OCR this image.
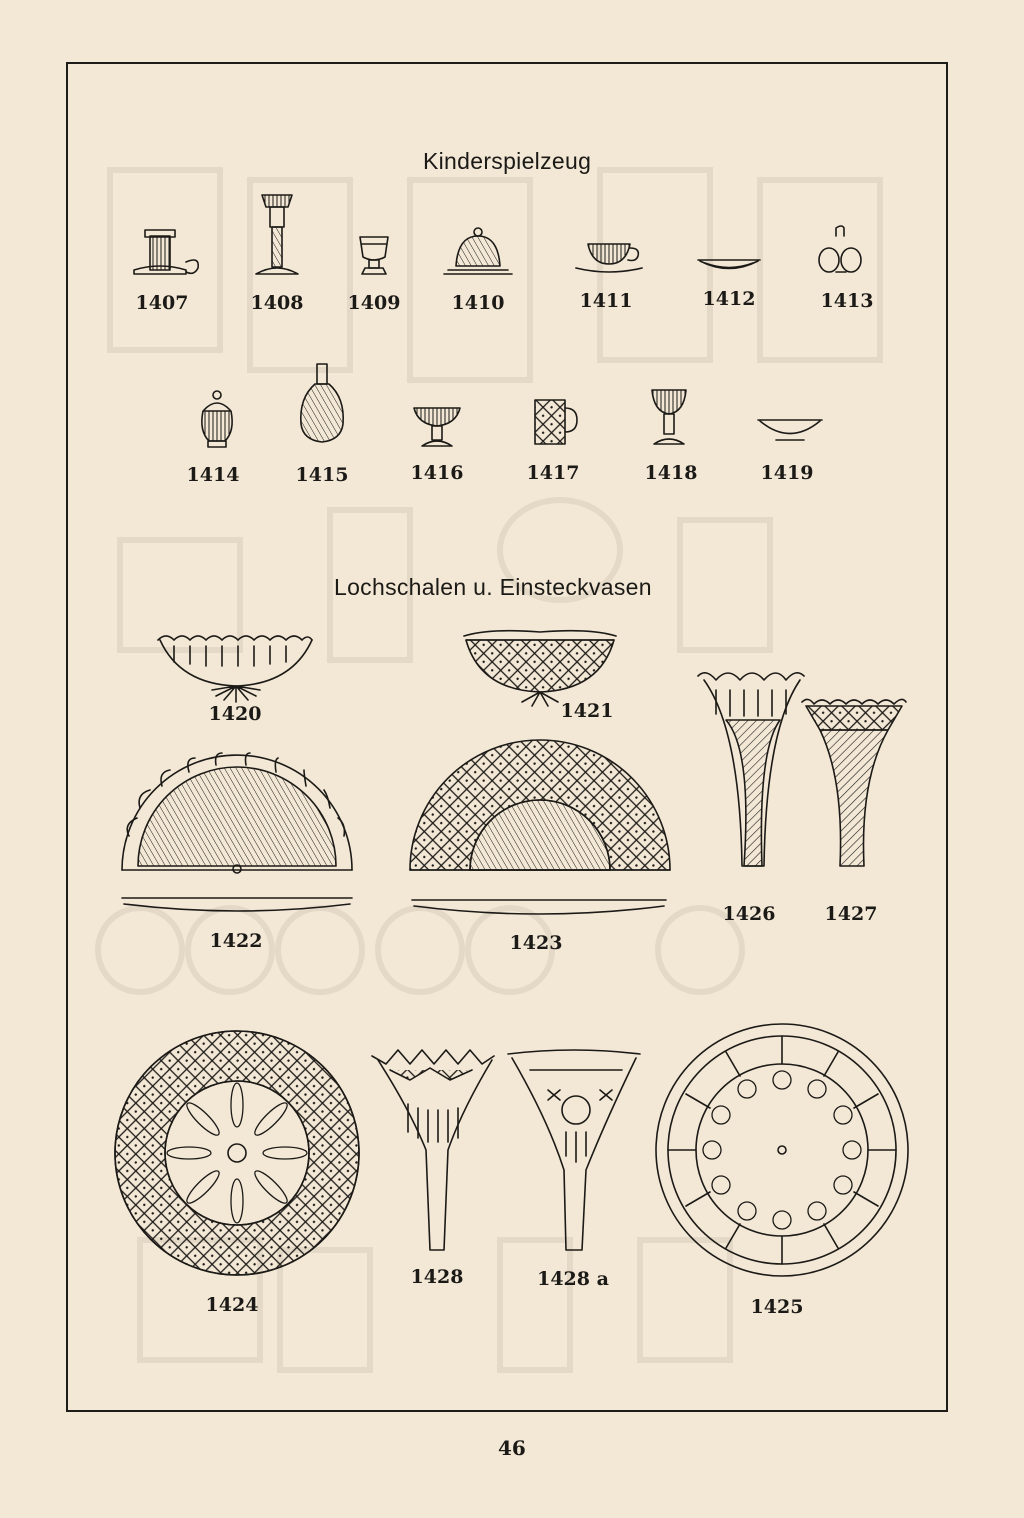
Kinderspielzeug
Lochschalen u. Einsteckvasen
1407	1408 1409	1410	1411	1412	1413
1414	1415	1416	1417	1418	1419
1420	1421
1422	1423
1426	1427
1424
1428	1428 a
1425
46
